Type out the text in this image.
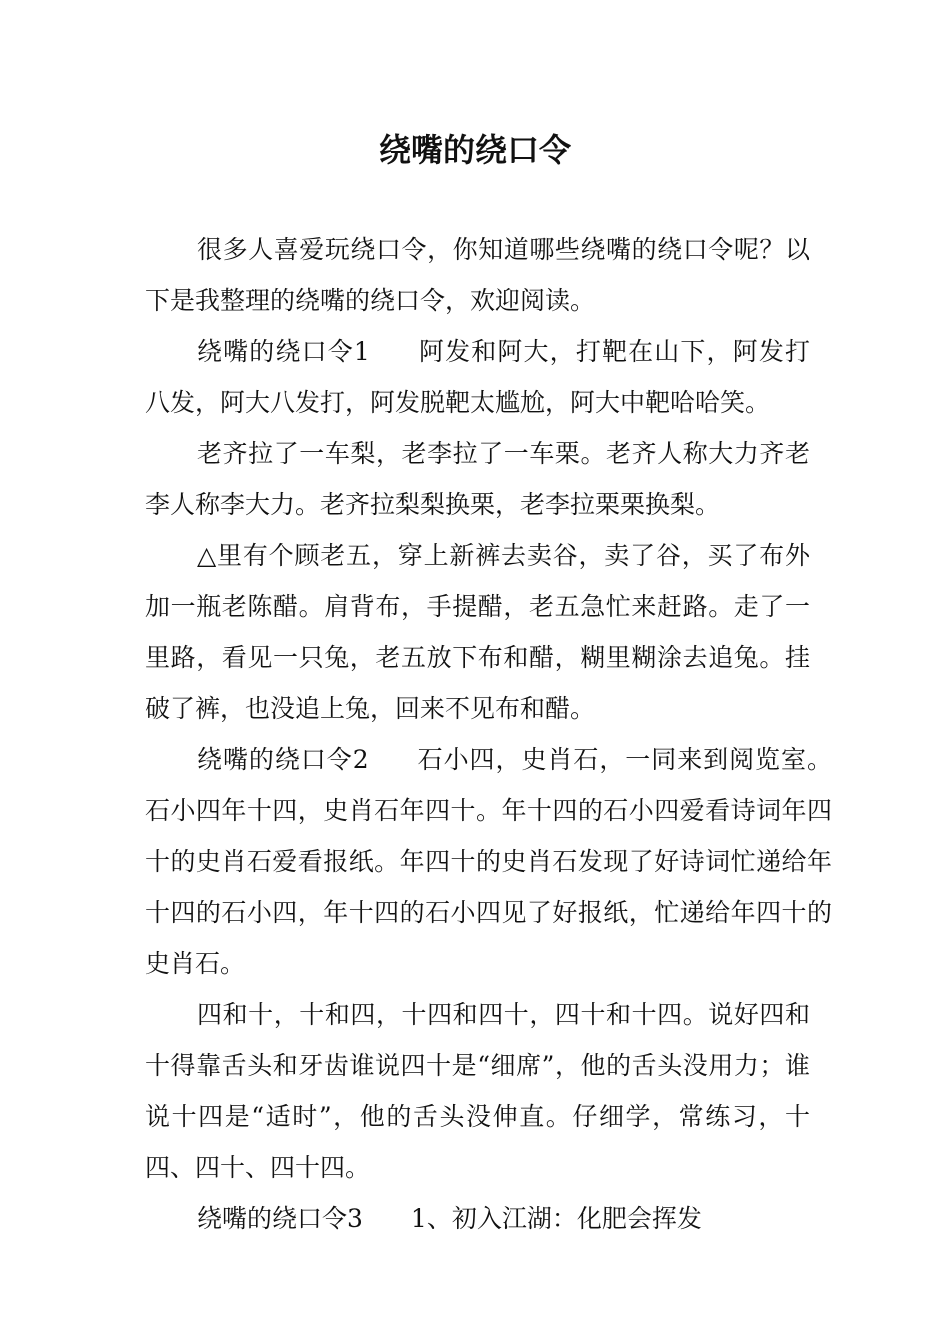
绕嘴的绕口令

很多人喜爱玩绕口令，你知道哪些绕嘴的绕口令呢？以下是我整理的绕嘴的绕口令，欢迎阅读。

绕嘴的绕口令1 阿发和阿大，打靶在山下，阿发打八发，阿大八发打，阿发脱靶太尴尬，阿大中靶哈哈笑。

老齐拉了一车梨，老李拉了一车栗。老齐人称大力齐老李人称李大力。老齐拉梨梨换栗，老李拉栗栗换梨。

△里有个顾老五，穿上新裤去卖谷，卖了谷，买了布外加一瓶老陈醋。肩背布，手提醋，老五急忙来赶路。走了一里路，看见一只兔，老五放下布和醋，糊里糊涂去追兔。挂破了裤，也没追上兔，回来不见布和醋。

绕嘴的绕口令2 石小四，史肖石，一同来到阅览室。石小四年十四，史肖石年四十。年十四的石小四爱看诗词年四十的史肖石爱看报纸。年四十的史肖石发现了好诗词忙递给年十四的石小四，年十四的石小四见了好报纸，忙递给年四十的史肖石。

四和十，十和四，十四和四十，四十和十四。说好四和十得靠舌头和牙齿谁说四十是“细席”，他的舌头没用力；谁说十四是“适时”，他的舌头没伸直。仔细学，常练习，十四、四十、四十四。

绕嘴的绕口令3 1、初入江湖：化肥会挥发
